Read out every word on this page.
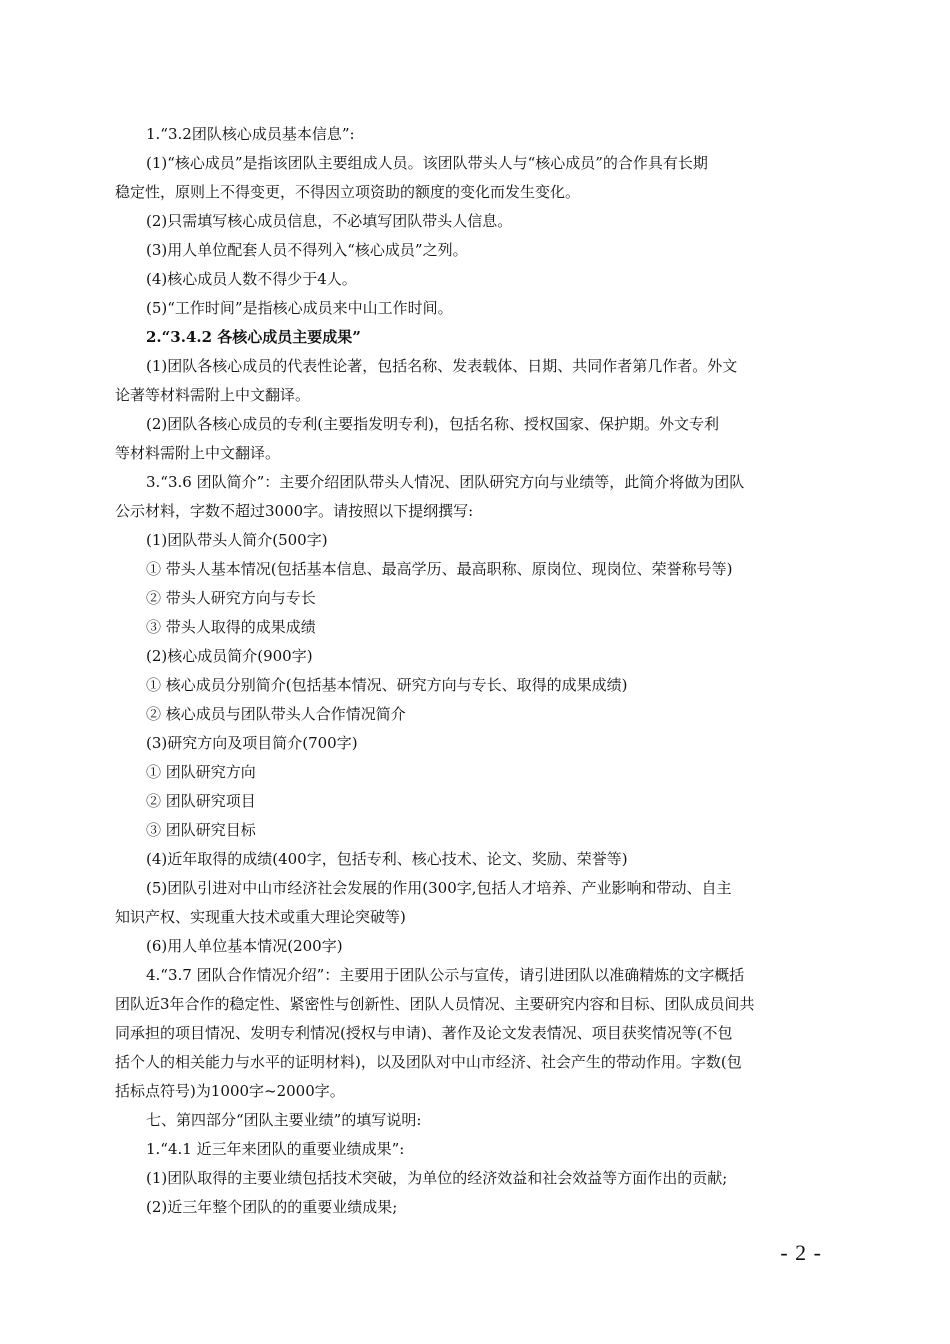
1.“3.2团队核心成员基本信息”:
(1)“核心成员”是指该团队主要组成人员。该团队带头人与“核心成员”的合作具有长期
稳定性，原则上不得变更，不得因立项资助的额度的变化而发生变化。
(2)只需填写核心成员信息，不必填写团队带头人信息。
(3)用人单位配套人员不得列入“核心成员”之列。
(4)核心成员人数不得少于4人。
(5)“工作时间”是指核心成员来中山工作时间。
2.“3.4.2 各核心成员主要成果”
(1)团队各核心成员的代表性论著，包括名称、发表载体、日期、共同作者第几作者。外文
论著等材料需附上中文翻译。
(2)团队各核心成员的专利(主要指发明专利)，包括名称、授权国家、保护期。外文专利
等材料需附上中文翻译。
3.“3.6 团队简介”：主要介绍团队带头人情况、团队研究方向与业绩等，此简介将做为团队
公示材料，字数不超过3000字。请按照以下提纲撰写:
(1)团队带头人简介(500字)
① 带头人基本情况(包括基本信息、最高学历、最高职称、原岗位、现岗位、荣誉称号等)
② 带头人研究方向与专长
③ 带头人取得的成果成绩
(2)核心成员简介(900字)
① 核心成员分别简介(包括基本情况、研究方向与专长、取得的成果成绩)
② 核心成员与团队带头人合作情况简介
(3)研究方向及项目简介(700字)
① 团队研究方向
② 团队研究项目
③ 团队研究目标
(4)近年取得的成绩(400字，包括专利、核心技术、论文、奖励、荣誉等)
(5)团队引进对中山市经济社会发展的作用(300字,包括人才培养、产业影响和带动、自主
知识产权、实现重大技术或重大理论突破等)
(6)用人单位基本情况(200字)
4.“3.7 团队合作情况介绍”：主要用于团队公示与宣传，请引进团队以准确精炼的文字概括
团队近3年合作的稳定性、紧密性与创新性、团队人员情况、主要研究内容和目标、团队成员间共
同承担的项目情况、发明专利情况(授权与申请)、著作及论文发表情况、项目获奖情况等(不包
括个人的相关能力与水平的证明材料)，以及团队对中山市经济、社会产生的带动作用。字数(包
括标点符号)为1000字~2000字。
七、第四部分“团队主要业绩”的填写说明:
1.“4.1 近三年来团队的重要业绩成果”:
(1)团队取得的主要业绩包括技术突破，为单位的经济效益和社会效益等方面作出的贡献;
(2)近三年整个团队的的重要业绩成果;
- 2 -
